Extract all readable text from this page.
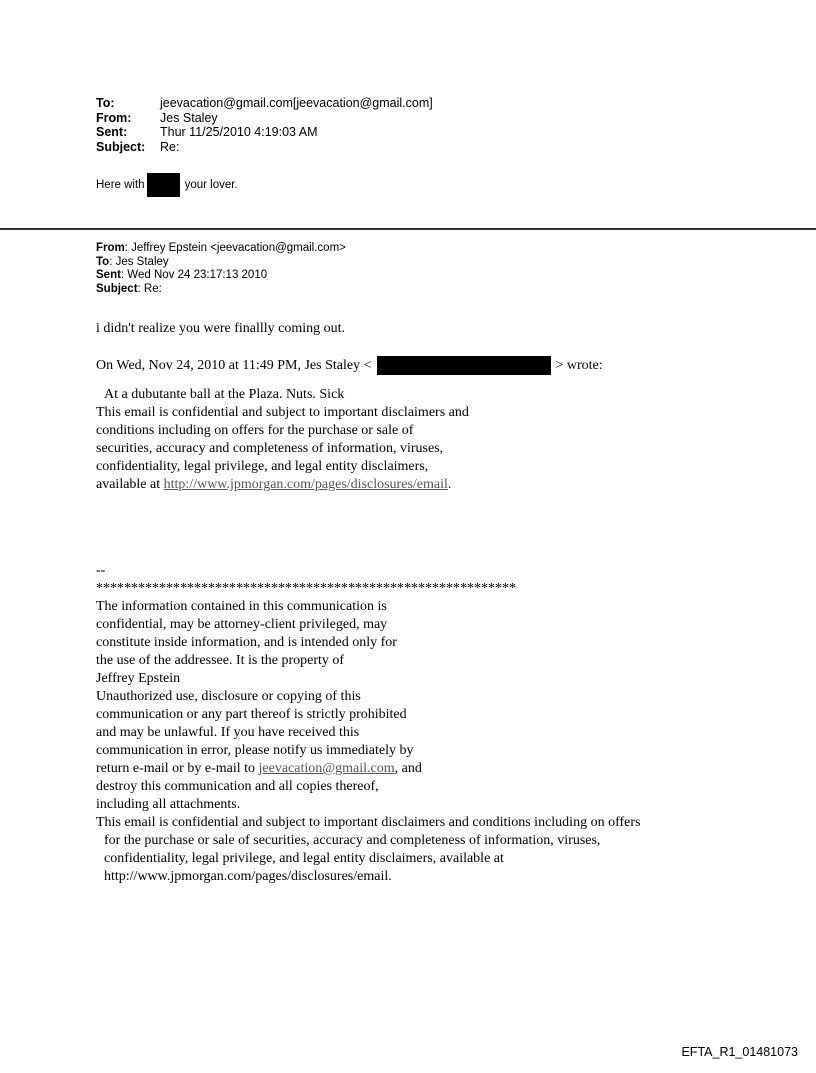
To:	jeevacation@gmail.com[jeevacation@gmail.com]
From:	Jes Staley
Sent:	Thur 11/25/2010 4:19:03 AM
Subject:	Re:
Here with	your lover.
From: Jeffrey Epstein <jeevacation@gmail.com>
To: Jes Staley
Sent: Wed Nov 24 23:17:13 2010
Subject: Re:
i didn't realize you were finallly coming out.
On Wed, Nov 24, 2010 at 11:49 PM, Jes Staley <	> wrote:
At a dubutante ball at the Plaza. Nuts. Sick
This email is confidential and subject to important disclaimers and
conditions including on offers for the purchase or sale of
securities, accuracy and completeness of information, viruses,
confidentiality, legal privilege, and legal entity disclaimers,
available at http://www.jpmorgan.com/pages/disclosures/email.
--
************************************************************
The information contained in this communication is
confidential, may be attorney-client privileged, may
constitute inside information, and is intended only for
the use of the addressee. It is the property of
Jeffrey Epstein
Unauthorized use, disclosure or copying of this
communication or any part thereof is strictly prohibited
and may be unlawful. If you have received this
communication in error, please notify us immediately by
return e-mail or by e-mail to jeevacation@gmail.com, and
destroy this communication and all copies thereof,
including all attachments.
This email is confidential and subject to important disclaimers and conditions including on offers
for the purchase or sale of securities, accuracy and completeness of information, viruses,
confidentiality, legal privilege, and legal entity disclaimers, available at
http://www.jpmorgan.com/pages/disclosures/email.
EFTA_R1_01481073
